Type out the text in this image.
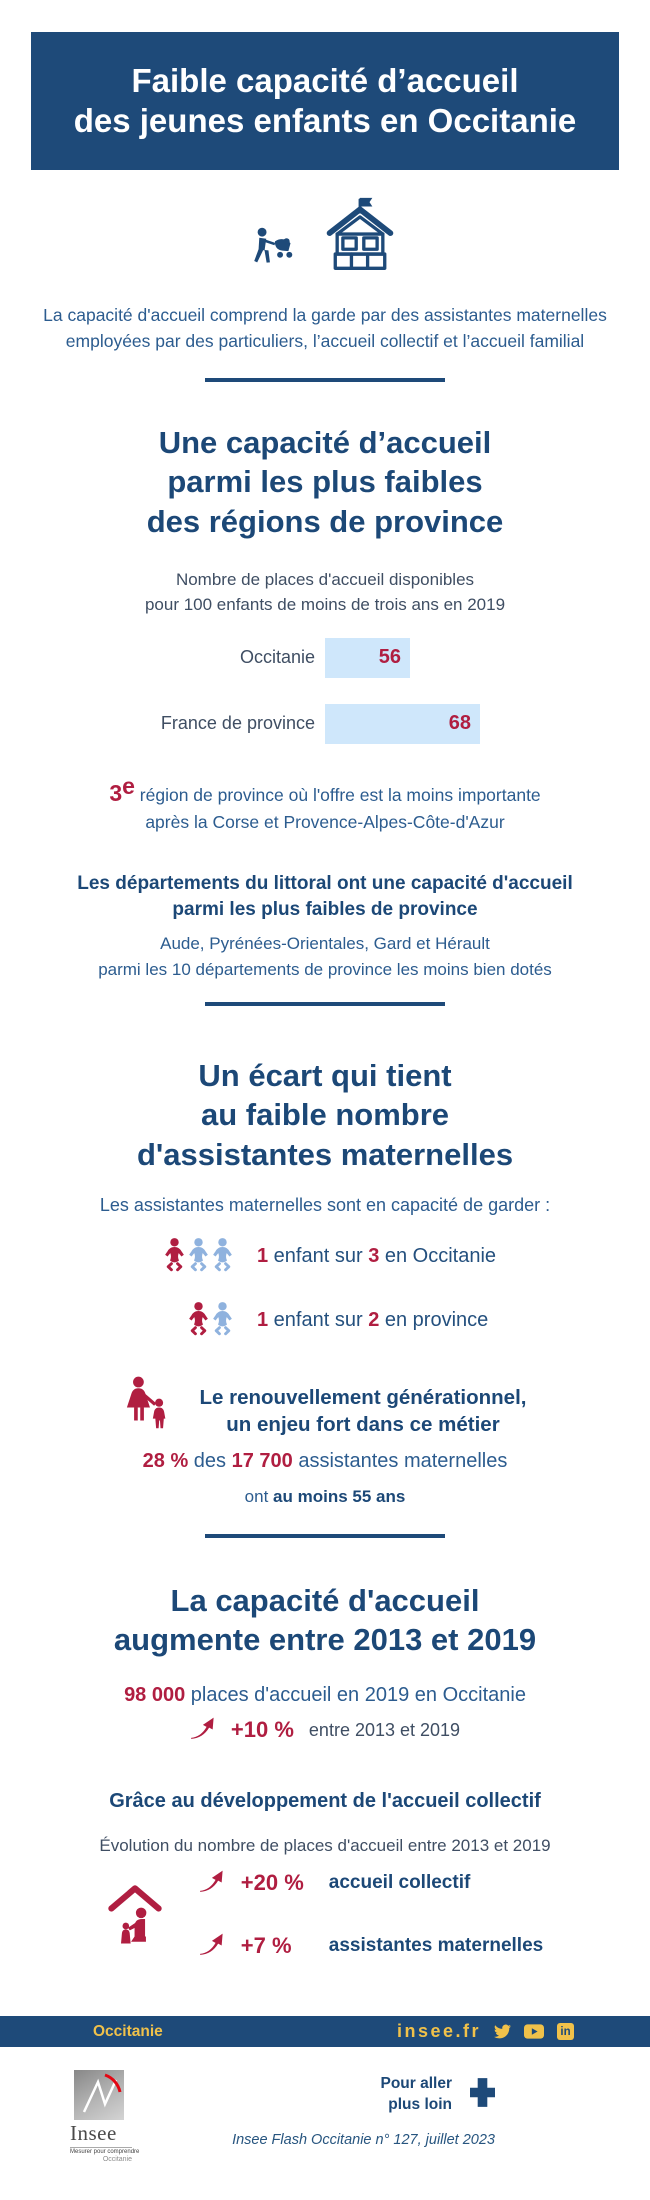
Faible capacité d’accueil
des jeunes enfants en Occitanie
La capacité d'accueil comprend la garde par des assistantes maternelles
employées par des particuliers, l’accueil collectif et l’accueil familial
Une capacité d’accueil
parmi les plus faibles
des régions de province
Nombre de places d'accueil disponibles
pour 100 enfants de moins de trois ans en 2019
Occitanie	56
France de province	68
3e région de province où l'offre est la moins importante
après la Corse et Provence-Alpes-Côte-d'Azur
Les départements du littoral ont une capacité d'accueil
parmi les plus faibles de province
Aude, Pyrénées-Orientales, Gard et Hérault
parmi les 10 départements de province les moins bien dotés
Un écart qui tient
au faible nombre
d'assistantes maternelles
Les assistantes maternelles sont en capacité de garder :
1 enfant sur 3 en Occitanie
1 enfant sur 2 en province
Le renouvellement générationnel,
un enjeu fort dans ce métier
28 % des 17 700 assistantes maternelles
ont au moins 55 ans
La capacité d'accueil
augmente entre 2013 et 2019
98 000 places d'accueil en 2019 en Occitanie
+10 % entre 2013 et 2019
Grâce au développement de l'accueil collectif
Évolution du nombre de places d'accueil entre 2013 et 2019
+20 %	accueil collectif
+7 %	assistantes maternelles
Occitanie	insee.fr	in
Insee
Mesurer pour comprendre
Occitanie
Pour aller
plus loin
Insee Flash Occitanie n° 127, juillet 2023
